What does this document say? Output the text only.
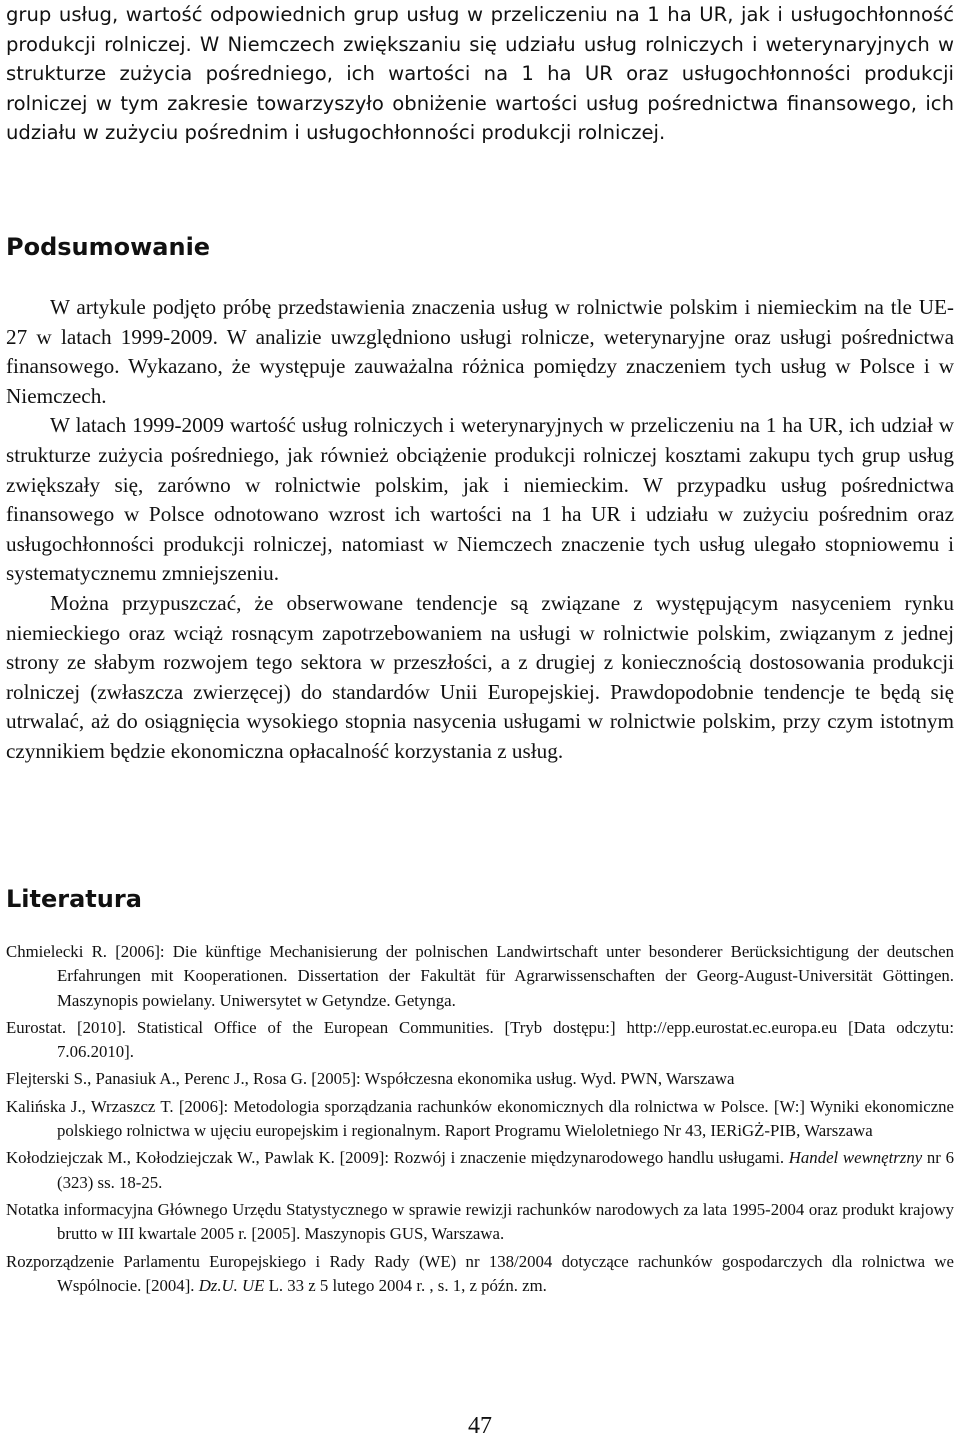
grup usług, wartość odpowiednich grup usług w przeliczeniu na 1 ha UR, jak i usługochłonność produkcji rolniczej. W Niemczech zwiększaniu się udziału usług rolniczych i weterynaryjnych w strukturze zużycia pośredniego, ich wartości na 1 ha UR oraz usługochłonności produkcji rolniczej w tym zakresie towarzyszyło obniżenie wartości usług pośrednictwa finansowego, ich udziału w zużyciu pośrednim i usługochłonności produkcji rolniczej.

Podsumowanie

W artykule podjęto próbę przedstawienia znaczenia usług w rolnictwie polskim i niemieckim na tle UE-27 w latach 1999-2009. W analizie uwzględniono usługi rolnicze, weterynaryjne oraz usługi pośrednictwa finansowego. Wykazano, że występuje zauważalna różnica pomiędzy znaczeniem tych usług w Polsce i w Niemczech.

W latach 1999-2009 wartość usług rolniczych i weterynaryjnych w przeliczeniu na 1 ha UR, ich udział w strukturze zużycia pośredniego, jak również obciążenie produkcji rolniczej kosztami zakupu tych grup usług zwiększały się, zarówno w rolnictwie polskim, jak i niemieckim. W przypadku usług pośrednictwa finansowego w Polsce odnotowano wzrost ich wartości na 1 ha UR i udziału w zużyciu pośrednim oraz usługochłonności produkcji rolniczej, natomiast w Niemczech znaczenie tych usług ulegało stopniowemu i systematycznemu zmniejszeniu.

Można przypuszczać, że obserwowane tendencje są związane z występującym nasyceniem rynku niemieckiego oraz wciąż rosnącym zapotrzebowaniem na usługi w rolnictwie polskim, związanym z jednej strony ze słabym rozwojem tego sektora w przeszłości, a z drugiej z koniecznością dostosowania produkcji rolniczej (zwłaszcza zwierzęcej) do standardów Unii Europejskiej. Prawdopodobnie tendencje te będą się utrwalać, aż do osiągnięcia wysokiego stopnia nasycenia usługami w rolnictwie polskim, przy czym istotnym czynnikiem będzie ekonomiczna opłacalność korzystania z usług.

Literatura

Chmielecki R. [2006]: Die künftige Mechanisierung der polnischen Landwirtschaft unter besonderer Berücksichtigung der deutschen Erfahrungen mit Kooperationen. Dissertation der Fakultät für Agrarwissenschaften der Georg-August-Universität Göttingen. Maszynopis powielany. Uniwersytet w Getyndze. Getynga.

Eurostat. [2010]. Statistical Office of the European Communities. [Tryb dostępu:] http://epp.eurostat.ec.europa.eu [Data odczytu: 7.06.2010].

Flejterski S., Panasiuk A., Perenc J., Rosa G. [2005]: Współczesna ekonomika usług. Wyd. PWN, Warszawa

Kalińska J., Wrzaszcz T. [2006]: Metodologia sporządzania rachunków ekonomicznych dla rolnictwa w Polsce. [W:] Wyniki ekonomiczne polskiego rolnictwa w ujęciu europejskim i regionalnym. Raport Programu Wieloletniego Nr 43, IERiGŻ-PIB, Warszawa

Kołodziejczak M., Kołodziejczak W., Pawlak K. [2009]: Rozwój i znaczenie międzynarodowego handlu usługami. Handel wewnętrzny nr 6 (323) ss. 18-25.

Notatka informacyjna Głównego Urzędu Statystycznego w sprawie rewizji rachunków narodowych za lata 1995-2004 oraz produkt krajowy brutto w III kwartale 2005 r. [2005]. Maszynopis GUS, Warszawa.

Rozporządzenie Parlamentu Europejskiego i Rady Rady (WE) nr 138/2004 dotyczące rachunków gospodarczych dla rolnictwa we Wspólnocie. [2004]. Dz.U. UE L. 33 z 5 lutego 2004 r. , s. 1, z późn. zm.

47
